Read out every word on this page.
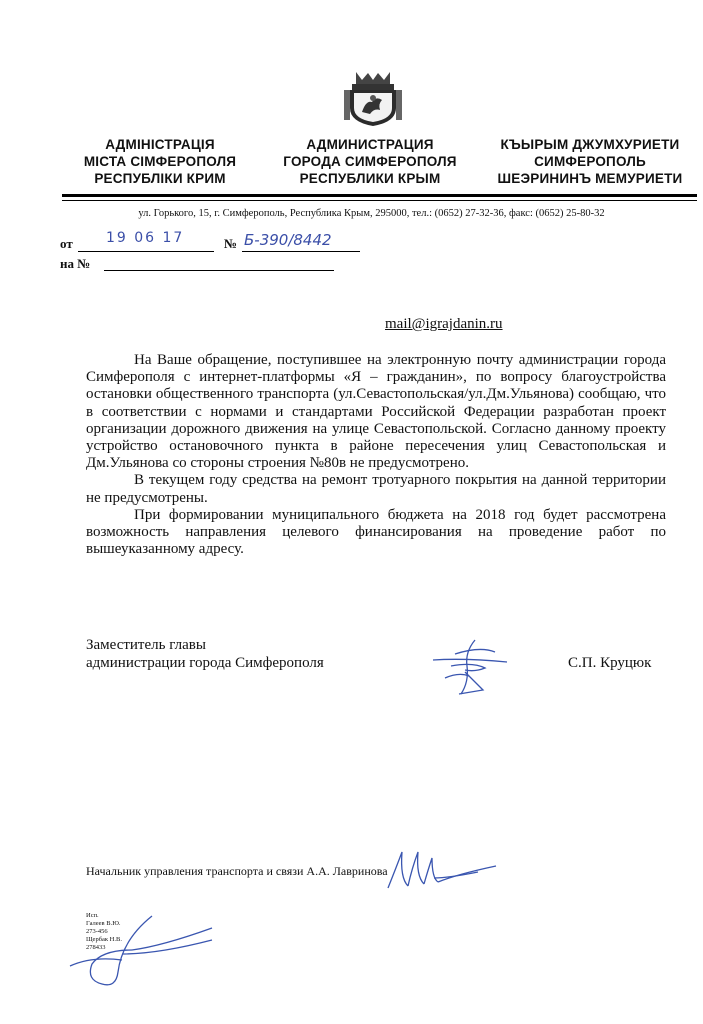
АДМІНІСТРАЦІЯ
МІСТА СІМФЕРОПОЛЯ
РЕСПУБЛІКИ КРИМ
АДМИНИСТРАЦИЯ
ГОРОДА СИМФЕРОПОЛЯ
РЕСПУБЛИКИ КРЫМ
КЪЫРЫМ ДЖУМХУРИЕТИ
СИМФЕРОПОЛЬ
ШЕЭРИНИНЪ МЕМУРИЕТИ
ул. Горького, 15, г. Симферополь, Республика Крым, 295000, тел.: (0652) 27-32-36, факс: (0652) 25-80-32
от 19 06 17	№ Б-390/8442
на №
mail@igrajdanin.ru

На Ваше обращение, поступившее на электронную почту администрации города Симферополя с интернет-платформы «Я – гражданин», по вопросу благоустройства остановки общественного транспорта (ул.Севастопольская/ул.Дм.Ульянова) сообщаю, что в соответствии с нормами и стандартами Российской Федерации разработан проект организации дорожного движения на улице Севастопольской. Согласно данному проекту устройство остановочного пункта в районе пересечения улиц Севастопольская и Дм.Ульянова со стороны строения №80в не предусмотрено.

В текущем году средства на ремонт тротуарного покрытия на данной территории не предусмотрены.

При формировании муниципального бюджета на 2018 год будет рассмотрена возможность направления целевого финансирования на проведение работ по вышеуказанному адресу.

Заместитель главы
администрации города Симферополя	С.П. Круцюк
Начальник управления транспорта и связи А.А. Лавринова
Исп.
Галеев В.Ю.
273-456
Щербак Н.В.
278433
